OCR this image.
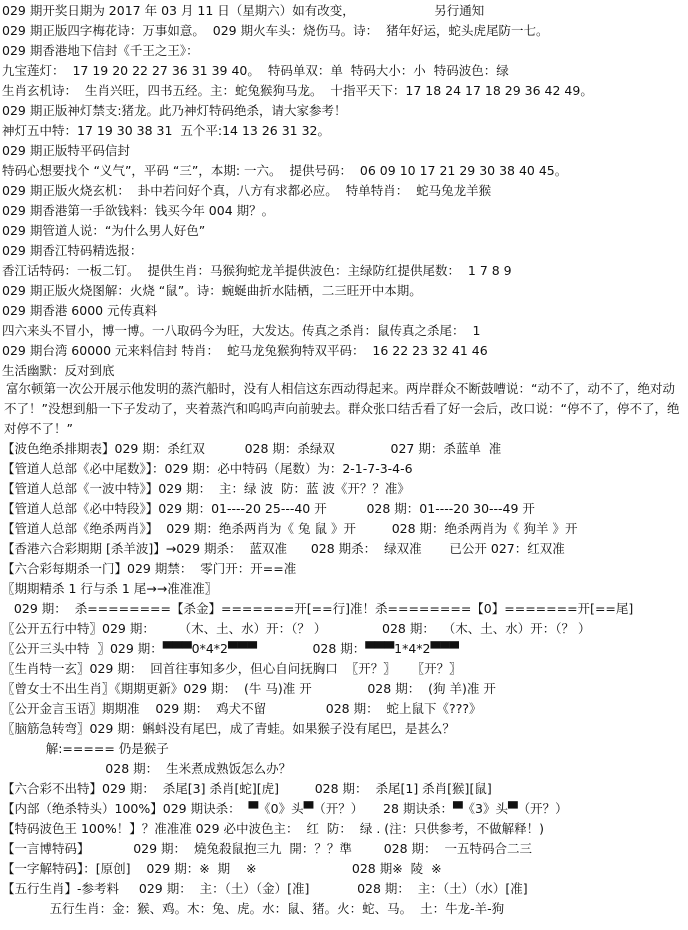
029 期开奖日期为 2017 年 03 月 11 日（星期六）如有改变，                    另行通知
029 期正版四字梅花诗：万事如意。  029 期火车头：烧伤马。诗：  猪年好运，蛇头虎尾防一七。
029 期香港地下信封《千王之王》：
九宝莲灯：  17 19 20 22 27 36 31 39 40。  特码单双：单  特码大小：小  特码波色：绿
生肖玄机诗：  生肖兴旺，四书五经。主：蛇兔猴狗马龙。  十指平天下：17 18 24 17 18 29 36 42 49。
029 期正版神灯禁支:猪龙。此乃神灯特码绝杀，请大家参考！
神灯五中特：17 19 30 38 31  五个平:14 13 26 31 32。
029 期正版特平码信封
特码心想要找个 “义气”，平码 “三”，本期: 一六。  提供号码：  06 09 10 17 21 29 30 38 40 45。
029 期正版火烧玄机：  卦中若问好个真，八方有求都必应。  特单特肖：  蛇马兔龙羊猴
029 期香港第一手欲钱料：钱买今年 004 期？。
029 期管道人说：“为什么男人好色”
029 期香江特码精选报：
香江话特码：一板二钉。  提供生肖：马猴狗蛇龙羊提供波色：主绿防红提供尾数：  1 7 8 9
029 期正版火烧图解：火烧 “鼠”。诗：蜿蜒曲折水陆栖，二三旺开中本期。
029 期香港 6000 元传真料
四六来头不冒小，博一博。一八取码今为旺，大发达。传真之杀肖：鼠传真之杀尾：  1
029 期台湾 60000 元来料信封 特肖：  蛇马龙兔猴狗特双平码：  16 22 23 32 41 46
生活幽默：反对到底
富尔顿第一次公开展示他发明的蒸汽船时，没有人相信这东西动得起来。两岸群众不断鼓嘈说：“动不了，动不了，绝对动不了！”没想到船一下子发动了，夹着蒸汽和呜呜声向前驶去。群众张口结舌看了好一会后，改口说：“停不了，停不了，绝对停不了！”
【波色绝杀排期表】029 期：杀红双          028 期：杀绿双              027 期：杀蓝单  准
【管道人总部《必中尾数》】：029 期：必中特码（尾数）为：2-1-7-3-4-6
【管道人总部《一波中特》】029 期：  主：绿 波  防：蓝 波《开？？准》
【管道人总部《必中特段》】029 期：01----20 25---40 开          028 期：01----20 30---49 开
【管道人总部《绝杀两肖》】  029 期：绝杀两肖为《 兔 鼠 》开         028 期：绝杀两肖为《 狗羊 》开
【香港六合彩期期 [杀羊波]】→029 期杀：  蓝双准      028 期杀：  绿双准       已公开 027：红双准
【六合彩每期杀一门】029 期禁：  零门开：开==准
〖期期精杀 1 行与杀 1 尾→→准准准〗
029 期：  杀========【杀金】=======开[==行]准！杀========【0】=======开[==尾]
〖公开五行中特〗029 期：      （木、土、水）开：（？ ）              028 期：  （木、土、水）开：（？ ）
〖公开三头中特  〗029 期：▀▀▀0*4*2▀▀▀              028 期：▀▀▀1*4*2▀▀▀
〖生肖特一玄〗029 期：  回首往事知多少，但心自问抚胸口  〖开？〗    〖开？〗
〖曾女士不出生肖〗《期期更新》029 期：  (牛 马)准 开              028 期：  (狗 羊)准 开
〖公开金言玉语〗期期准    029 期：  鸡犬不留               028 期：  蛇上鼠下《???》
〖脑筋急转弯〗029 期：蝌蚪没有尾巴，成了青蛙。如果猴子没有尾巴，是甚么？
解:===== 仍是猴子
028 期：  生米煮成熟饭怎么办？
【六合彩不出特】029 期：  杀尾[3] 杀肖[蛇][虎]         028 期：  杀尾[1] 杀肖[猴][鼠]
【内部（绝杀特头）100%】029 期诀杀：  ▀《0》头▀（开？）     28 期诀杀：▀《3》头▀（开？）
【特码波色王 100%！】？准准准 029 必中波色主：  红  防：  绿 . (注：只供参考，不做解释！)
【一言博特码】           029 期：  燒兔殺鼠抱三九  開：？？準        028 期：  一五特码合二三
【一字解特码】：[原创]    029 期：※  期    ※                        028 期※  陵  ※
【五行生肖】-参考料     029 期：  主：（土）（金）[准]            028 期：  主：（土）（水）[准]
五行生肖：金：猴、鸡。木：兔、虎。水：鼠、猪。火：蛇、马。  土：牛龙-羊-狗
